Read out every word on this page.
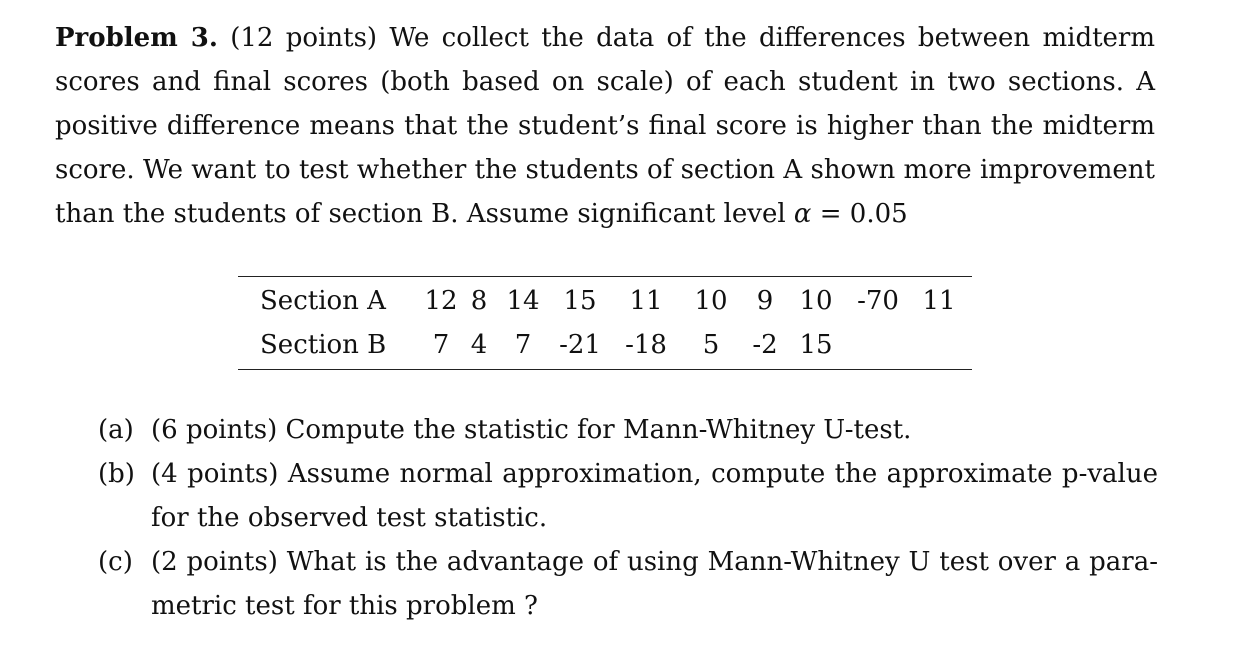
Problem 3. (12 points) We collect the data of the differences between midterm
scores and final scores (both based on scale) of each student in two sections. A
positive difference means that the student’s final score is higher than the midterm
score. We want to test whether the students of section A shown more improvement
than the students of section B. Assume significant level α = 0.05
Section A	12	8	14	15	11	10	9	10	-70	11
Section B	7	4	7	-21	-18	5	-2	15		
(a) (6 points) Compute the statistic for Mann-Whitney U-test.
(b) (4 points) Assume normal approximation, compute the approximate p-value for the observed test statistic.
(c) (2 points) What is the advantage of using Mann-Whitney U test over a para-metric test for this problem ?
